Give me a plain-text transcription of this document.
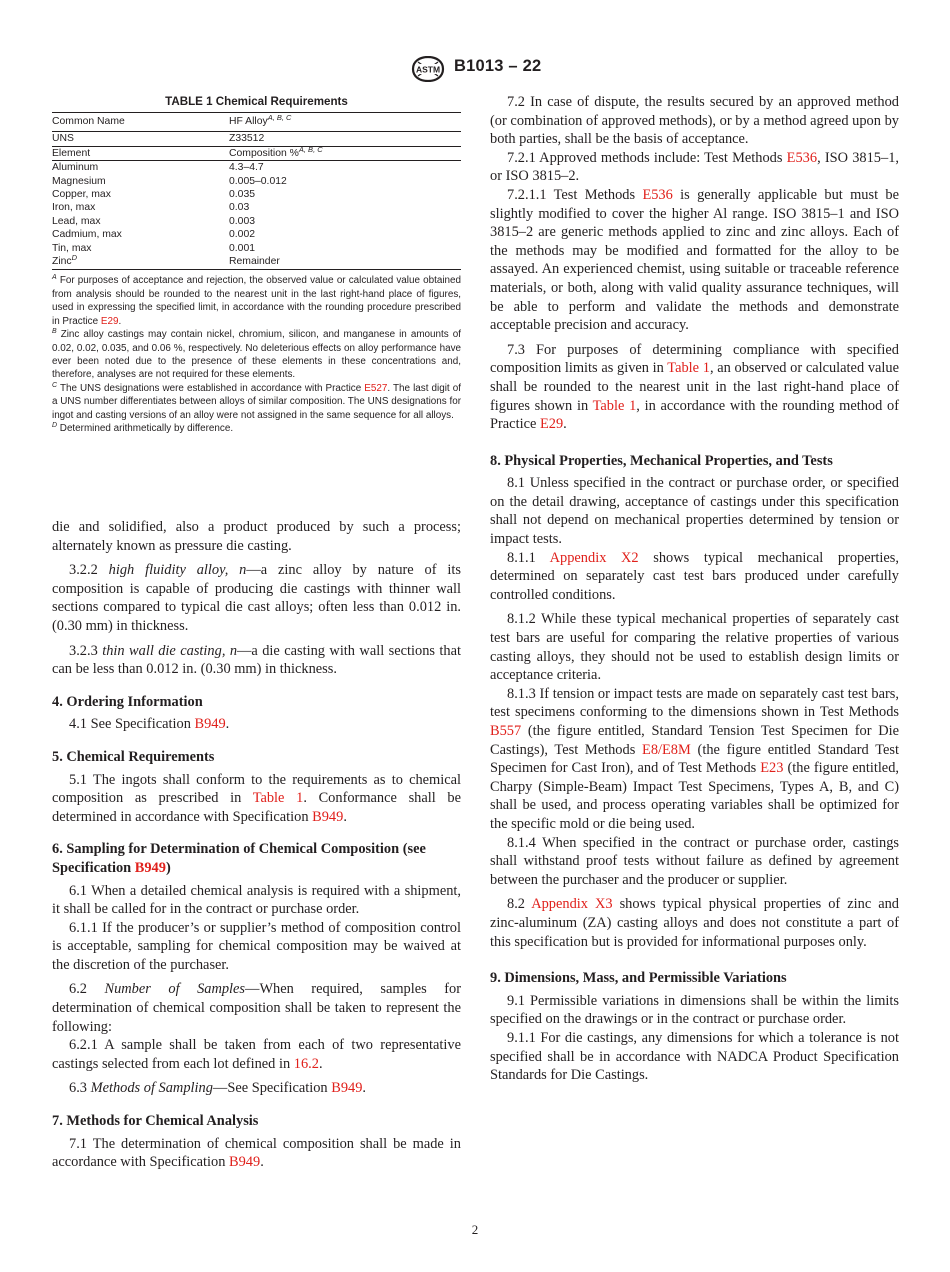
ASTM B1013 – 22
TABLE 1 Chemical Requirements
Common Name	HF Alloy$^{A, B, C}$
UNS	Z33512
Element	Composition %$^{A, B, C}$
Aluminum	4.3–4.7
Magnesium	0.005–0.012
Copper, max	0.035
Iron, max	0.03
Lead, max	0.003
Cadmium, max	0.002
Tin, max	0.001
Zinc$^D$	Remainder

$^A$ For purposes of acceptance and rejection, the observed value or calculated value obtained from analysis should be rounded to the nearest unit in the last right-hand place of figures, used in expressing the specified limit, in accordance with the rounding procedure prescribed in Practice E29.

$^B$ Zinc alloy castings may contain nickel, chromium, silicon, and manganese in amounts of 0.02, 0.02, 0.035, and 0.06 %, respectively. No deleterious effects on alloy performance have ever been noted due to the presence of these elements in these concentrations and, therefore, analyses are not required for these elements.

$^C$ The UNS designations were established in accordance with Practice E527. The last digit of a UNS number differentiates between alloys of similar composition. The UNS designations for ingot and casting versions of an alloy were not assigned in the same sequence for all alloys.

$^D$ Determined arithmetically by difference.

die and solidified, also a product produced by such a process; alternately known as pressure die casting.

3.2.2 high fluidity alloy, n—a zinc alloy by nature of its composition is capable of producing die castings with thinner wall sections compared to typical die cast alloys; often less than 0.012 in. (0.30 mm) in thickness.

3.2.3 thin wall die casting, n—a die casting with wall sections that can be less than 0.012 in. (0.30 mm) in thickness.

4. Ordering Information

4.1 See Specification B949.

5. Chemical Requirements

5.1 The ingots shall conform to the requirements as to chemical composition as prescribed in Table 1. Conformance shall be determined in accordance with Specification B949.

6. Sampling for Determination of Chemical Composition (see Specification B949)

6.1 When a detailed chemical analysis is required with a shipment, it shall be called for in the contract or purchase order.

6.1.1 If the producer’s or supplier’s method of composition control is acceptable, sampling for chemical composition may be waived at the discretion of the purchaser.

6.2 Number of Samples—When required, samples for determination of chemical composition shall be taken to represent the following:

6.2.1 A sample shall be taken from each of two representative castings selected from each lot defined in 16.2.

6.3 Methods of Sampling—See Specification B949.

7. Methods for Chemical Analysis

7.1 The determination of chemical composition shall be made in accordance with Specification B949.

7.2 In case of dispute, the results secured by an approved method (or combination of approved methods), or by a method agreed upon by both parties, shall be the basis of acceptance.

7.2.1 Approved methods include: Test Methods E536, ISO 3815–1, or ISO 3815–2.

7.2.1.1 Test Methods E536 is generally applicable but must be slightly modified to cover the higher Al range. ISO 3815–1 and ISO 3815–2 are generic methods applied to zinc and zinc alloys. Each of the methods may be modified and formatted for the alloy to be assayed. An experienced chemist, using suitable or traceable reference materials, or both, along with valid quality assurance techniques, will be able to perform and validate the methods and demonstrate acceptable precision and accuracy.

7.3 For purposes of determining compliance with specified composition limits as given in Table 1, an observed or calculated value shall be rounded to the nearest unit in the last right-hand place of figures shown in Table 1, in accordance with the rounding method of Practice E29.

8. Physical Properties, Mechanical Properties, and Tests

8.1 Unless specified in the contract or purchase order, or specified on the detail drawing, acceptance of castings under this specification shall not depend on mechanical properties determined by tension or impact tests.

8.1.1 Appendix X2 shows typical mechanical properties, determined on separately cast test bars produced under carefully controlled conditions.

8.1.2 While these typical mechanical properties of separately cast test bars are useful for comparing the relative properties of various casting alloys, they should not be used to establish design limits or acceptance criteria.

8.1.3 If tension or impact tests are made on separately cast test bars, test specimens conforming to the dimensions shown in Test Methods B557 (the figure entitled, Standard Tension Test Specimen for Die Castings), Test Methods E8/E8M (the figure entitled Standard Test Specimen for Cast Iron), and of Test Methods E23 (the figure entitled, Charpy (Simple-Beam) Impact Test Specimens, Types A, B, and C) shall be used, and process operating variables shall be optimized for the specific mold or die being used.

8.1.4 When specified in the contract or purchase order, castings shall withstand proof tests without failure as defined by agreement between the purchaser and the producer or supplier.

8.2 Appendix X3 shows typical physical properties of zinc and zinc-aluminum (ZA) casting alloys and does not constitute a part of this specification but is provided for informational purposes only.

9. Dimensions, Mass, and Permissible Variations

9.1 Permissible variations in dimensions shall be within the limits specified on the drawings or in the contract or purchase order.

9.1.1 For die castings, any dimensions for which a tolerance is not specified shall be in accordance with NADCA Product Specification Standards for Die Castings.

2
